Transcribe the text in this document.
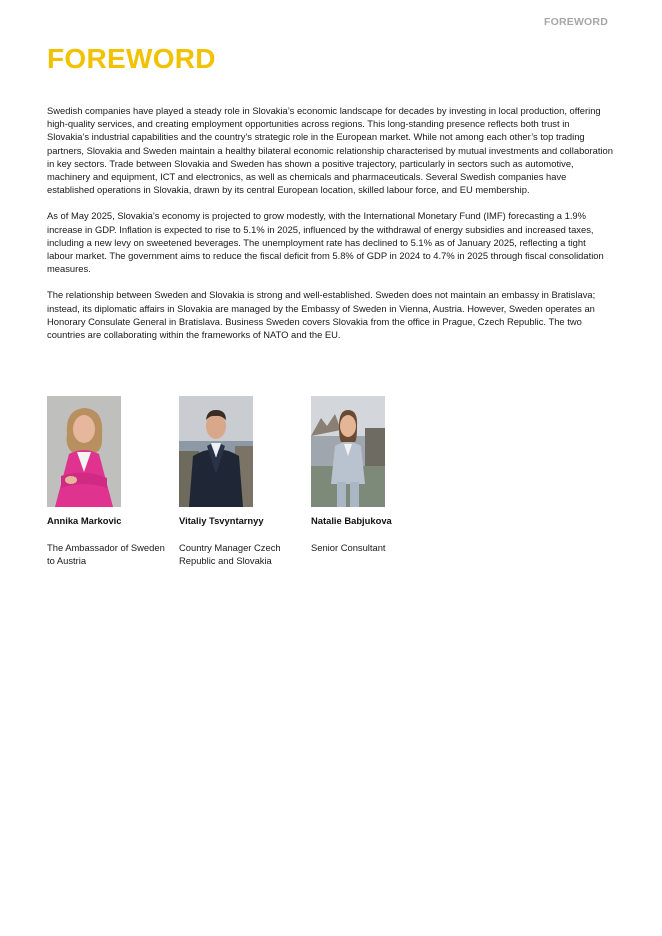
FOREWORD
FOREWORD

Swedish companies have played a steady role in Slovakia’s economic landscape for decades by investing in local production, offering high-quality services, and creating employment opportunities across regions. This long-standing presence reflects both trust in Slovakia’s industrial capabilities and the country’s strategic role in the European market. While not among each other’s top trading partners, Slovakia and Sweden maintain a healthy bilateral economic relationship characterised by mutual investments and collaboration in key sectors. Trade between Slovakia and Sweden has shown a positive trajectory, particularly in sectors such as automotive, machinery and equipment, ICT and electronics, as well as chemicals and pharmaceuticals. Several Swedish companies have established operations in Slovakia, drawn by its central European location, skilled labour force, and EU membership.

As of May 2025, Slovakia’s economy is projected to grow modestly, with the International Monetary Fund (IMF) forecasting a 1.9% increase in GDP. Inflation is expected to rise to 5.1% in 2025, influenced by the withdrawal of energy subsidies and increased taxes, including a new levy on sweetened beverages. The unemployment rate has declined to 5.1% as of January 2025, reflecting a tight labour market. The government aims to reduce the fiscal deficit from 5.8% of GDP in 2024 to 4.7% in 2025 through fiscal consolidation measures.

The relationship between Sweden and Slovakia is strong and well-established. Sweden does not maintain an embassy in Bratislava; instead, its diplomatic affairs in Slovakia are managed by the Embassy of Sweden in Vienna, Austria. However, Sweden operates an Honorary Consulate General in Bratislava. Business Sweden covers Slovakia from the office in Prague, Czech Republic. The two countries are collaborating within the frameworks of NATO and the EU.

Annika Markovic
The Ambassador of Sweden to Austria
Vitaliy Tsvyntarnyy
Country Manager Czech Republic and Slovakia
Natalie Babjukova
Senior Consultant
